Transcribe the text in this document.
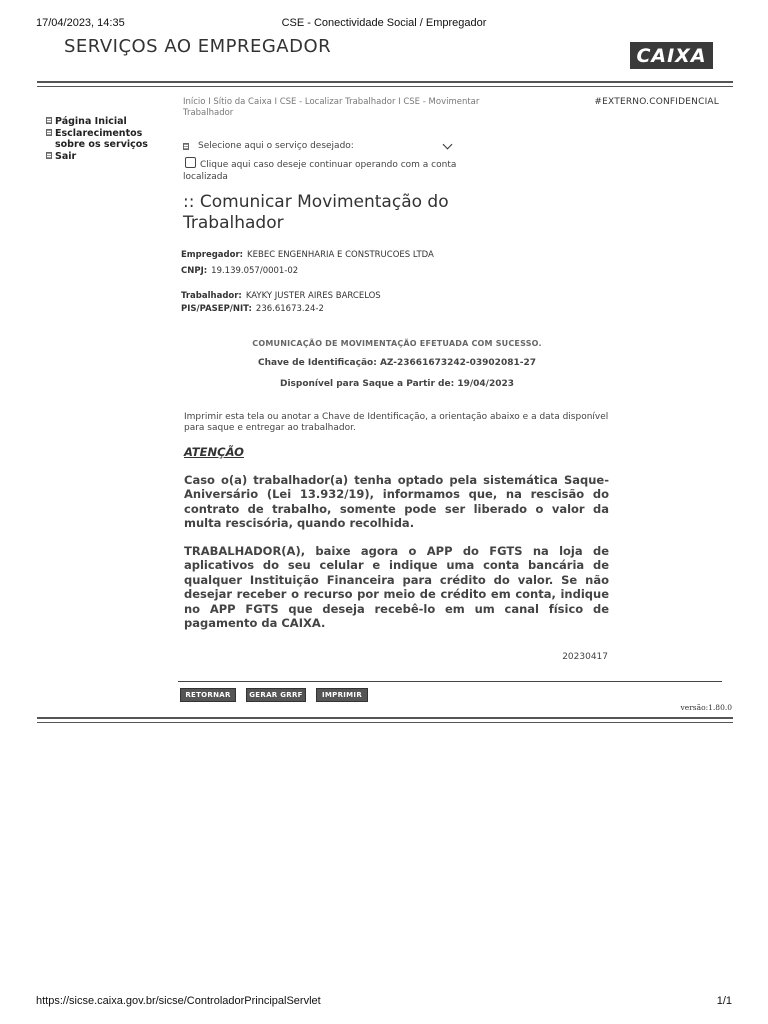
17/04/2023, 14:35	CSE - Conectividade Social / Empregador
SERVIÇOS AO EMPREGADOR	CAIXA
Página Inicial
Esclarecimentos sobre os serviços
Sair
Início I Sítio da Caixa I CSE - Localizar Trabalhador I CSE - Movimentar Trabalhador
#EXTERNO.CONFIDENCIAL
Selecione aqui o serviço desejado:
Clique aqui caso deseje continuar operando com a conta localizada
:: Comunicar Movimentação do Trabalhador
Empregador: KEBEC ENGENHARIA E CONSTRUCOES LTDA
CNPJ: 19.139.057/0001-02
Trabalhador: KAYKY JUSTER AIRES BARCELOS
PIS/PASEP/NIT: 236.61673.24-2
COMUNICAÇÃO DE MOVIMENTAÇÃO EFETUADA COM SUCESSO.
Chave de Identificação: AZ-23661673242-03902081-27
Disponível para Saque a Partir de: 19/04/2023
Imprimir esta tela ou anotar a Chave de Identificação, a orientação abaixo e a data disponível para saque e entregar ao trabalhador.
ATENÇÃO
Caso o(a) trabalhador(a) tenha optado pela sistemática Saque-Aniversário (Lei 13.932/19), informamos que, na rescisão do contrato de trabalho, somente pode ser liberado o valor da multa rescisória, quando recolhida.
TRABALHADOR(A), baixe agora o APP do FGTS na loja de aplicativos do seu celular e indique uma conta bancária de qualquer Instituição Financeira para crédito do valor. Se não desejar receber o recurso por meio de crédito em conta, indique no APP FGTS que deseja recebê-lo em um canal físico de pagamento da CAIXA.
20230417
RETORNAR	GERAR GRRF	IMPRIMIR
versão:1.80.0
https://sicse.caixa.gov.br/sicse/ControladorPrincipalServlet	1/1
